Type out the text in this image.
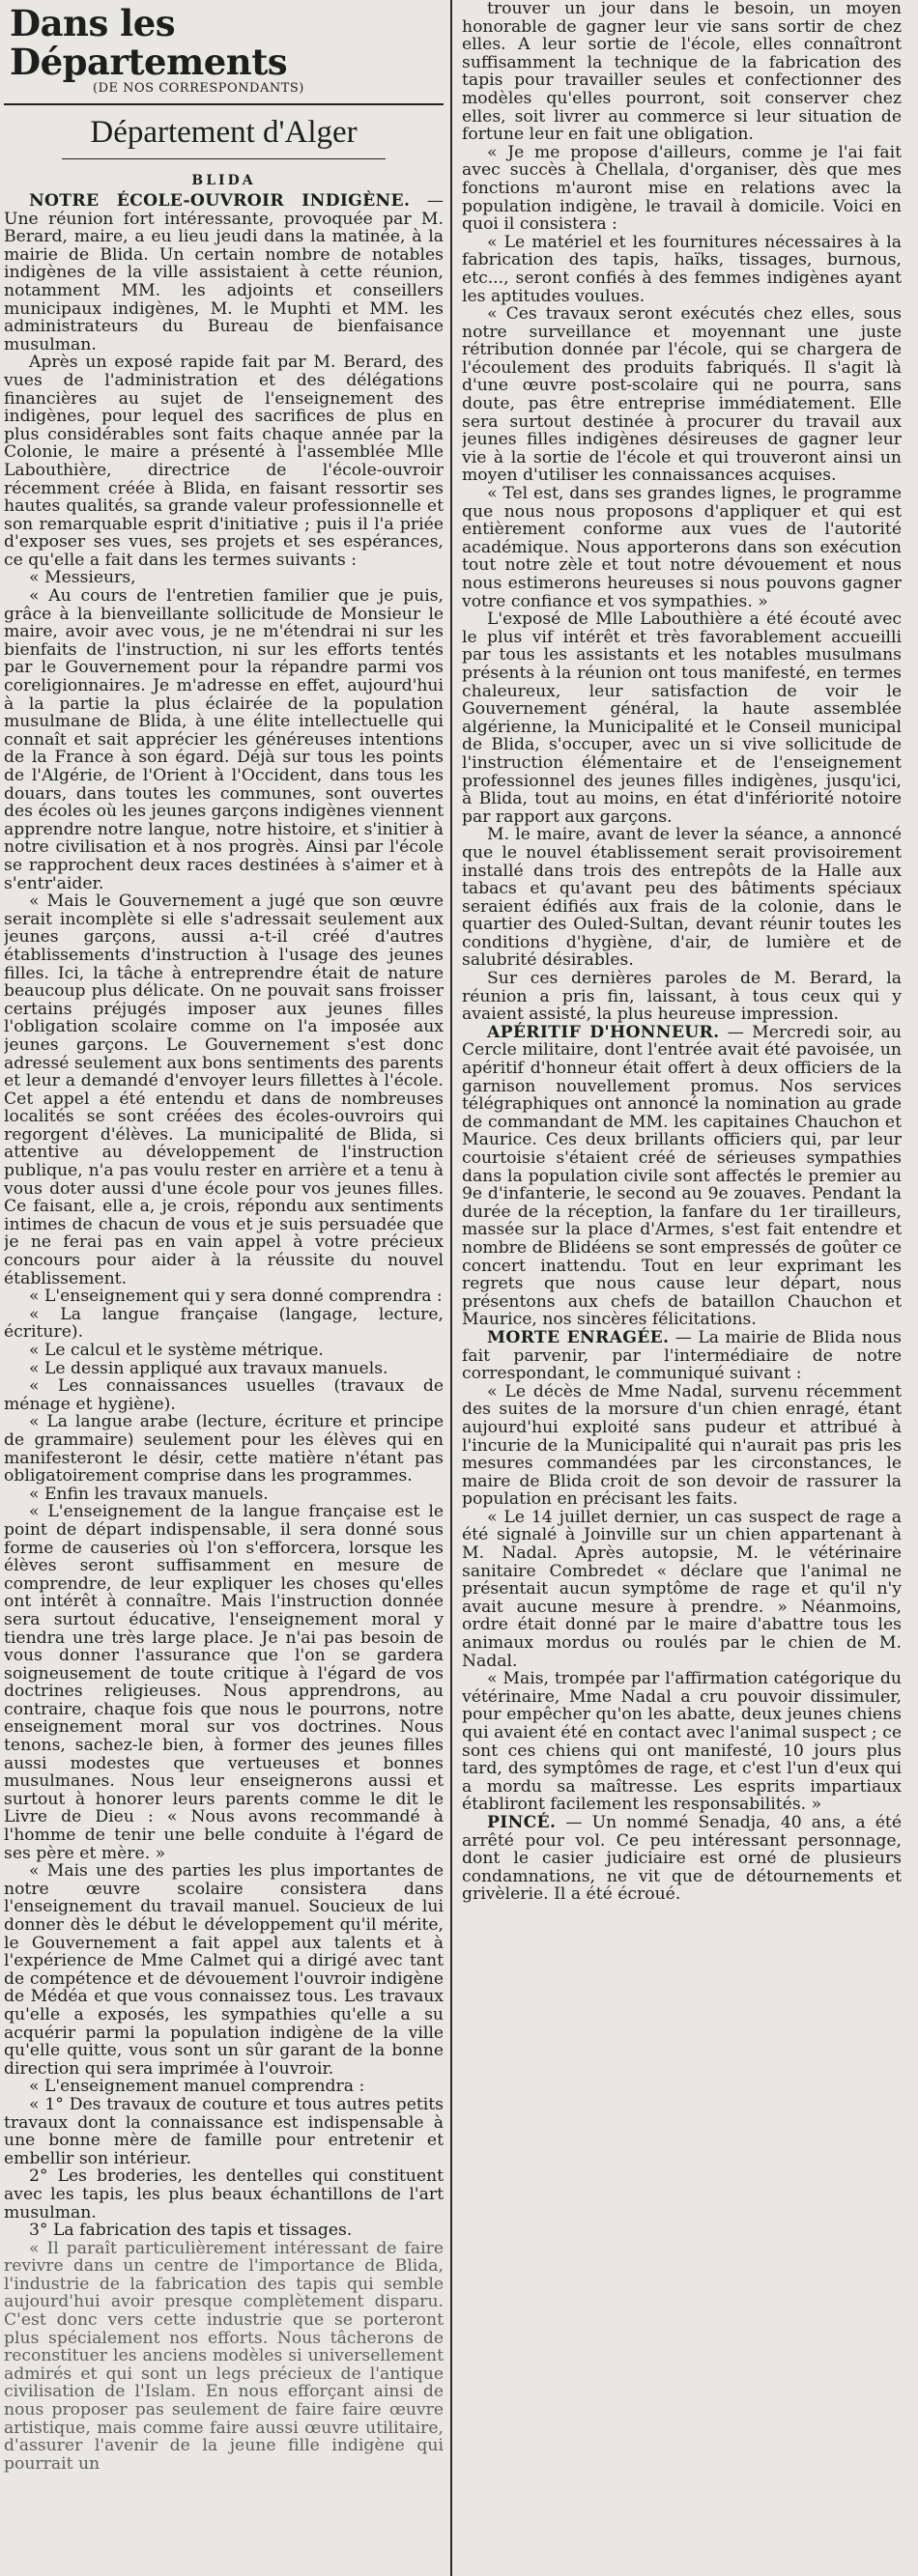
Dans les Départements
(DE NOS CORRESPONDANTS)
Département d'Alger
BLIDA

NOTRE ÉCOLE-OUVROIR INDIGÈNE. — Une réunion fort intéressante, provoquée par M. Berard, maire, a eu lieu jeudi dans la matinée, à la mairie de Blida. Un certain nombre de notables indigènes de la ville assistaient à cette réunion, notamment MM. les adjoints et conseillers municipaux indigènes, M. le Muphti et MM. les administrateurs du Bureau de bienfaisance musulman.

Après un exposé rapide fait par M. Berard, des vues de l'administration et des délégations financières au sujet de l'enseignement des indigènes, pour lequel des sacrifices de plus en plus considérables sont faits chaque année par la Colonie, le maire a présenté à l'assemblée Mlle Labouthière, directrice de l'école-ouvroir récemment créée à Blida, en faisant ressortir ses hautes qualités, sa grande valeur professionnelle et son remarquable esprit d'initiative ; puis il l'a priée d'exposer ses vues, ses projets et ses espérances, ce qu'elle a fait dans les termes suivants :

« Messieurs,

« Au cours de l'entretien familier que je puis, grâce à la bienveillante sollicitude de Monsieur le maire, avoir avec vous, je ne m'étendrai ni sur les bienfaits de l'instruction, ni sur les efforts tentés par le Gouvernement pour la répandre parmi vos coreligionnaires. Je m'adresse en effet, aujourd'hui à la partie la plus éclairée de la population musulmane de Blida, à une élite intellectuelle qui connaît et sait apprécier les généreuses intentions de la France à son égard. Déjà sur tous les points de l'Algérie, de l'Orient à l'Occident, dans tous les douars, dans toutes les communes, sont ouvertes des écoles où les jeunes garçons indigènes viennent apprendre notre langue, notre histoire, et s'initier à notre civilisation et à nos progrès. Ainsi par l'école se rapprochent deux races destinées à s'aimer et à s'entr'aider.

« Mais le Gouvernement a jugé que son œuvre serait incomplète si elle s'adressait seulement aux jeunes garçons, aussi a-t-il créé d'autres établissements d'instruction à l'usage des jeunes filles. Ici, la tâche à entreprendre était de nature beaucoup plus délicate. On ne pouvait sans froisser certains préjugés imposer aux jeunes filles l'obligation scolaire comme on l'a imposée aux jeunes garçons. Le Gouvernement s'est donc adressé seulement aux bons sentiments des parents et leur a demandé d'envoyer leurs fillettes à l'école. Cet appel a été entendu et dans de nombreuses localités se sont créées des écoles-ouvroirs qui regorgent d'élèves. La municipalité de Blida, si attentive au développement de l'instruction publique, n'a pas voulu rester en arrière et a tenu à vous doter aussi d'une école pour vos jeunes filles. Ce faisant, elle a, je crois, répondu aux sentiments intimes de chacun de vous et je suis persuadée que je ne ferai pas en vain appel à votre précieux concours pour aider à la réussite du nouvel établissement.

« L'enseignement qui y sera donné comprendra :

« La langue française (langage, lecture, écriture).

« Le calcul et le système métrique.

« Le dessin appliqué aux travaux manuels.

« Les connaissances usuelles (travaux de ménage et hygiène).

« La langue arabe (lecture, écriture et principe de grammaire) seulement pour les élèves qui en manifesteront le désir, cette matière n'étant pas obligatoirement comprise dans les programmes.

« Enfin les travaux manuels.

« L'enseignement de la langue française est le point de départ indispensable, il sera donné sous forme de causeries où l'on s'efforcera, lorsque les élèves seront suffisamment en mesure de comprendre, de leur expliquer les choses qu'elles ont intérêt à connaître. Mais l'instruction donnée sera surtout éducative, l'enseignement moral y tiendra une très large place. Je n'ai pas besoin de vous donner l'assurance que l'on se gardera soigneusement de toute critique à l'égard de vos doctrines religieuses. Nous apprendrons, au contraire, chaque fois que nous le pourrons, notre enseignement moral sur vos doctrines. Nous tenons, sachez-le bien, à former des jeunes filles aussi modestes que vertueuses et bonnes musulmanes. Nous leur enseignerons aussi et surtout à honorer leurs parents comme le dit le Livre de Dieu : « Nous avons recommandé à l'homme de tenir une belle conduite à l'égard de ses père et mère. »

« Mais une des parties les plus importantes de notre œuvre scolaire consistera dans l'enseignement du travail manuel. Soucieux de lui donner dès le début le développement qu'il mérite, le Gouvernement a fait appel aux talents et à l'expérience de Mme Calmet qui a dirigé avec tant de compétence et de dévouement l'ouvroir indigène de Médéa et que vous connaissez tous. Les travaux qu'elle a exposés, les sympathies qu'elle a su acquérir parmi la population indigène de la ville qu'elle quitte, vous sont un sûr garant de la bonne direction qui sera imprimée à l'ouvroir.

« L'enseignement manuel comprendra :

« 1° Des travaux de couture et tous autres petits travaux dont la connaissance est indispensable à une bonne mère de famille pour entretenir et embellir son intérieur.

2° Les broderies, les dentelles qui constituent avec les tapis, les plus beaux échantillons de l'art musulman.

3° La fabrication des tapis et tissages.

« Il paraît particulièrement intéressant de faire revivre dans un centre de l'importance de Blida, l'industrie de la fabrication des tapis qui semble aujourd'hui avoir presque complètement disparu. C'est donc vers cette industrie que se porteront plus spécialement nos efforts. Nous tâcherons de reconstituer les anciens modèles si universellement admirés et qui sont un legs précieux de l'antique civilisation de l'Islam. En nous efforçant ainsi de nous proposer pas seulement de faire faire œuvre artistique, mais comme faire aussi œuvre utilitaire, d'assurer l'avenir de la jeune fille indigène qui pourrait un

trouver un jour dans le besoin, un moyen honorable de gagner leur vie sans sortir de chez elles. A leur sortie de l'école, elles connaîtront suffisamment la technique de la fabrication des tapis pour travailler seules et confectionner des modèles qu'elles pourront, soit conserver chez elles, soit livrer au commerce si leur situation de fortune leur en fait une obligation.

« Je me propose d'ailleurs, comme je l'ai fait avec succès à Chellala, d'organiser, dès que mes fonctions m'auront mise en relations avec la population indigène, le travail à domicile. Voici en quoi il consistera :

« Le matériel et les fournitures nécessaires à la fabrication des tapis, haïks, tissages, burnous, etc..., seront confiés à des femmes indigènes ayant les aptitudes voulues.

« Ces travaux seront exécutés chez elles, sous notre surveillance et moyennant une juste rétribution donnée par l'école, qui se chargera de l'écoulement des produits fabriqués. Il s'agit là d'une œuvre post-scolaire qui ne pourra, sans doute, pas être entreprise immédiatement. Elle sera surtout destinée à procurer du travail aux jeunes filles indigènes désireuses de gagner leur vie à la sortie de l'école et qui trouveront ainsi un moyen d'utiliser les connaissances acquises.

« Tel est, dans ses grandes lignes, le programme que nous nous proposons d'appliquer et qui est entièrement conforme aux vues de l'autorité académique. Nous apporterons dans son exécution tout notre zèle et tout notre dévouement et nous nous estimerons heureuses si nous pouvons gagner votre confiance et vos sympathies. »

L'exposé de Mlle Labouthière a été écouté avec le plus vif intérêt et très favorablement accueilli par tous les assistants et les notables musulmans présents à la réunion ont tous manifesté, en termes chaleureux, leur satisfaction de voir le Gouvernement général, la haute assemblée algérienne, la Municipalité et le Conseil municipal de Blida, s'occuper, avec un si vive sollicitude de l'instruction élémentaire et de l'enseignement professionnel des jeunes filles indigènes, jusqu'ici, à Blida, tout au moins, en état d'infériorité notoire par rapport aux garçons.

M. le maire, avant de lever la séance, a annoncé que le nouvel établissement serait provisoirement installé dans trois des entrepôts de la Halle aux tabacs et qu'avant peu des bâtiments spéciaux seraient édifiés aux frais de la colonie, dans le quartier des Ouled-Sultan, devant réunir toutes les conditions d'hygiène, d'air, de lumière et de salubrité désirables.

Sur ces dernières paroles de M. Berard, la réunion a pris fin, laissant, à tous ceux qui y avaient assisté, la plus heureuse impression.

APÉRITIF D'HONNEUR. — Mercredi soir, au Cercle militaire, dont l'entrée avait été pavoisée, un apéritif d'honneur était offert à deux officiers de la garnison nouvellement promus. Nos services télégraphiques ont annoncé la nomination au grade de commandant de MM. les capitaines Chauchon et Maurice. Ces deux brillants officiers qui, par leur courtoisie s'étaient créé de sérieuses sympathies dans la population civile sont affectés le premier au 9e d'infanterie, le second au 9e zouaves. Pendant la durée de la réception, la fanfare du 1er tirailleurs, massée sur la place d'Armes, s'est fait entendre et nombre de Blidéens se sont empressés de goûter ce concert inattendu. Tout en leur exprimant les regrets que nous cause leur départ, nous présentons aux chefs de bataillon Chauchon et Maurice, nos sincères félicitations.

MORTE ENRAGÉE. — La mairie de Blida nous fait parvenir, par l'intermédiaire de notre correspondant, le communiqué suivant :

« Le décès de Mme Nadal, survenu récemment des suites de la morsure d'un chien enragé, étant aujourd'hui exploité sans pudeur et attribué à l'incurie de la Municipalité qui n'aurait pas pris les mesures commandées par les circonstances, le maire de Blida croit de son devoir de rassurer la population en précisant les faits.

« Le 14 juillet dernier, un cas suspect de rage a été signalé à Joinville sur un chien appartenant à M. Nadal. Après autopsie, M. le vétérinaire sanitaire Combredet « déclare que l'animal ne présentait aucun symptôme de rage et qu'il n'y avait aucune mesure à prendre. » Néanmoins, ordre était donné par le maire d'abattre tous les animaux mordus ou roulés par le chien de M. Nadal.

« Mais, trompée par l'affirmation catégorique du vétérinaire, Mme Nadal a cru pouvoir dissimuler, pour empêcher qu'on les abatte, deux jeunes chiens qui avaient été en contact avec l'animal suspect ; ce sont ces chiens qui ont manifesté, 10 jours plus tard, des symptômes de rage, et c'est l'un d'eux qui a mordu sa maîtresse. Les esprits impartiaux établiront facilement les responsabilités. »

PINCÉ. — Un nommé Senadja, 40 ans, a été arrêté pour vol. Ce peu intéressant personnage, dont le casier judiciaire est orné de plusieurs condamnations, ne vit que de détournements et grivèlerie. Il a été écroué.
